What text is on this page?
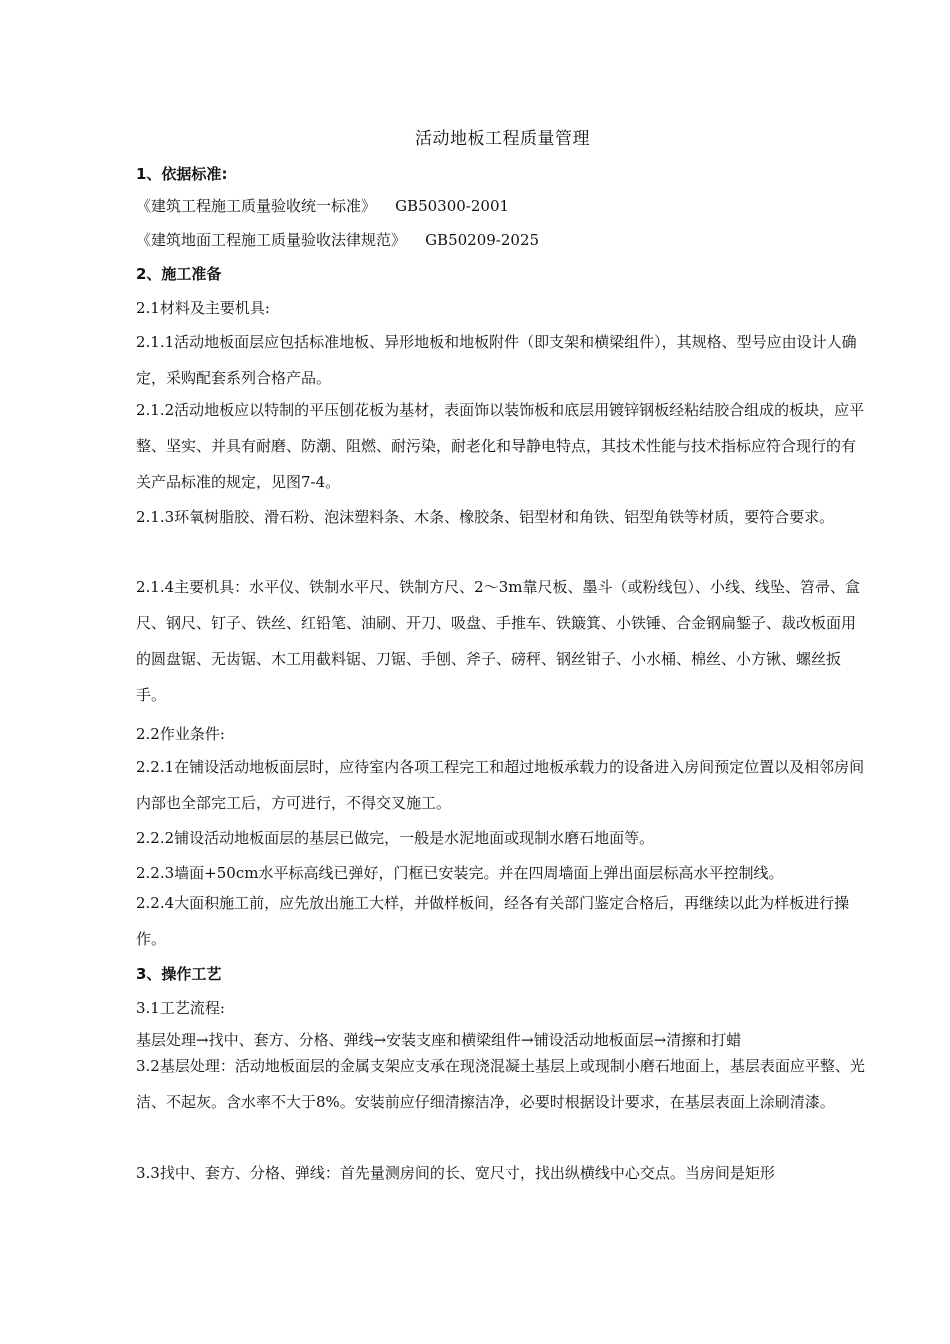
活动地板工程质量管理
1、依据标准:
《建筑工程施工质量验收统一标准》    GB50300-2001
《建筑地面工程施工质量验收法律规范》    GB50209-2025
2、施工准备
2.1材料及主要机具:
2.1.1活动地板面层应包括标准地板、异形地板和地板附件（即支架和横梁组件），其规格、型号应由设计人确定，采购配套系列合格产品。
2.1.2活动地板应以特制的平压刨花板为基材，表面饰以装饰板和底层用镀锌钢板经粘结胶合组成的板块，应平整、坚实、并具有耐磨、防潮、阻燃、耐污染，耐老化和导静电特点，其技术性能与技术指标应符合现行的有关产品标准的规定，见图7-4。
2.1.3环氧树脂胶、滑石粉、泡沫塑料条、木条、橡胶条、铝型材和角铁、铝型角铁等材质，要符合要求。
2.1.4主要机具：水平仪、铁制水平尺、铁制方尺、2～3m靠尺板、墨斗（或粉线包）、小线、线坠、笤帚、盒尺、钢尺、钉子、铁丝、红铅笔、油刷、开刀、吸盘、手推车、铁簸箕、小铁锤、合金钢扁錾子、裁改板面用的圆盘锯、无齿锯、木工用截料锯、刀锯、手刨、斧子、磅秤、钢丝钳子、小水桶、棉丝、小方锹、螺丝扳手。
2.2作业条件:
2.2.1在铺设活动地板面层时，应待室内各项工程完工和超过地板承载力的设备进入房间预定位置以及相邻房间内部也全部完工后，方可进行，不得交叉施工。
2.2.2铺设活动地板面层的基层已做完，一般是水泥地面或现制水磨石地面等。
2.2.3墙面+50cm水平标高线已弹好，门框已安装完。并在四周墙面上弹出面层标高水平控制线。
2.2.4大面积施工前，应先放出施工大样，并做样板间，经各有关部门鉴定合格后，再继续以此为样板进行操作。
3、操作工艺
3.1工艺流程:
基层处理→找中、套方、分格、弹线→安装支座和横梁组件→铺设活动地板面层→清擦和打蜡
3.2基层处理：活动地板面层的金属支架应支承在现浇混凝土基层上或现制小磨石地面上，基层表面应平整、光洁、不起灰。含水率不大于8%。安装前应仔细清擦洁净，必要时根据设计要求，在基层表面上涂刷清漆。
3.3找中、套方、分格、弹线：首先量测房间的长、宽尺寸，找出纵横线中心交点。当房间是矩形
